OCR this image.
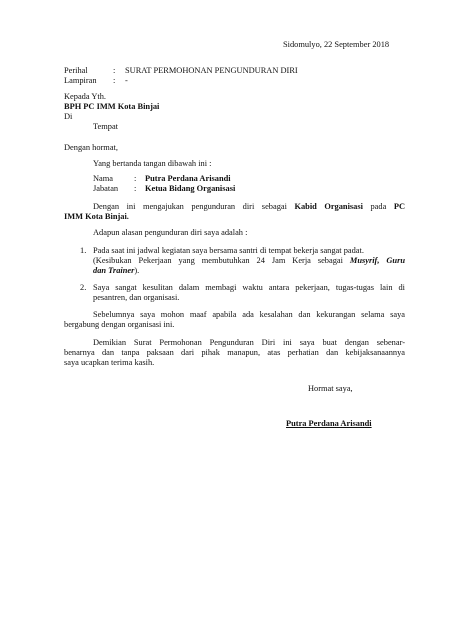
Sidomulyo, 22 September 2018
Perihal	: SURAT PERMOHONAN PENGUNDURAN DIRI
Lampiran : -
Kepada Yth.
BPH PC IMM Kota Binjai
Di
Tempat
Dengan hormat,
Yang bertanda tangan dibawah ini :
Nama	: Putra Perdana Arisandi
Jabatan : Ketua Bidang Organisasi
Dengan ini mengajukan pengunduran diri sebagai Kabid Organisasi pada PC
IMM Kota Binjai.
Adapun alasan pengunduran diri saya adalah :
1. Pada saat ini jadwal kegiatan saya bersama santri di tempat bekerja sangat padat.
(Kesibukan Pekerjaan yang membutuhkan 24 Jam Kerja sebagai Musyrif, Guru
dan Trainer).
2. Saya sangat kesulitan dalam membagi waktu antara pekerjaan, tugas-tugas lain di
pesantren, dan organisasi.
Sebelumnya saya mohon maaf apabila ada kesalahan dan kekurangan selama saya
bergabung dengan organisasi ini.
Demikian Surat Permohonan Pengunduran Diri ini saya buat dengan sebenar-
benarnya dan tanpa paksaan dari pihak manapun, atas perhatian dan kebijaksanaannya
saya ucapkan terima kasih.
Hormat saya,
Putra Perdana Arisandi
